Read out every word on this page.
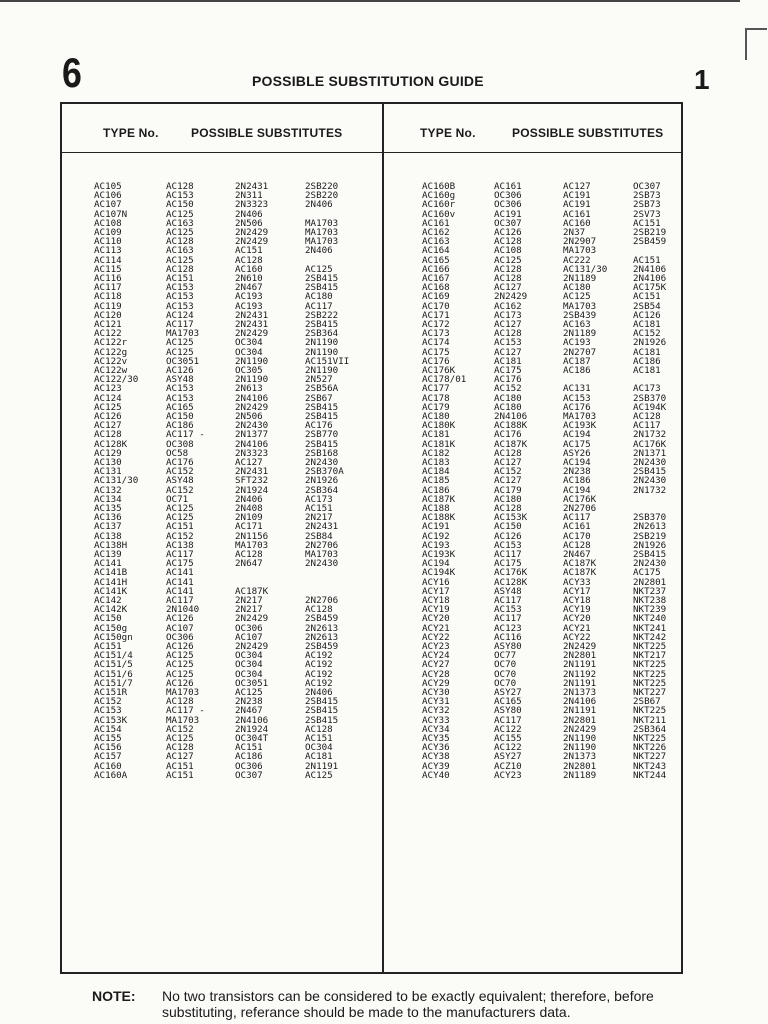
6	POSSIBLE SUBSTITUTION GUIDE	1
TYPE No.	POSSIBLE SUBSTITUTES	TYPE No.	POSSIBLE SUBSTITUTES
AC105	AC128	2N2431	2SB220
AC106	AC153	2N311	2SB220
AC107	AC150	2N3323	2N406
AC107N	AC125	2N406
AC108	AC163	2N506	MA1703
AC109	AC125	2N2429	MA1703
AC110	AC128	2N2429	MA1703
AC113	AC163	AC151	2N406
AC114	AC125	AC128
AC115	AC128	AC160	AC125
AC116	AC151	2N610	2SB415
AC117	AC153	2N467	2SB415
AC118	AC153	AC193	AC180
AC119	AC153	AC193	AC117
AC120	AC124	2N2431	2SB222
AC121	AC117	2N2431	2SB415
AC122	MA1703	2N2429	2SB364
AC122r	AC125	OC304	2N1190
AC122g	AC125	OC304	2N1190
AC122v	OC3051	2N1190	AC151VII
AC122w	AC126	OC305	2N1190
AC122/30	ASY48	2N1190	2N527
AC123	AC153	2N613	2SB56A
AC124	AC153	2N4106	2SB67
AC125	AC165	2N2429	2SB415
AC126	AC150	2N506	2SB415
AC127	AC186	2N2430	AC176
AC128	AC117 -	2N1377	2SB770
AC128K	OC308	2N4106	2SB415
AC129	OC58	2N3323	2SB168
AC130	AC176	AC127	2N2430
AC131	AC152	2N2431	2SB370A
AC131/30	ASY48	SFT232	2N1926
AC132	AC152	2N1924	2SB364
AC134	OC71	2N406	AC173
AC135	AC125	2N408	AC151
AC136	AC125	2N109	2N217
AC137	AC151	AC171	2N2431
AC138	AC152	2N1156	2SB84
AC138H	AC138	MA1703	2N2706
AC139	AC117	AC128	MA1703
AC141	AC175	2N647	2N2430
AC141B	AC141
AC141H	AC141
AC141K	AC141	AC187K
AC142	AC117	2N217	2N2706
AC142K	2N1040	2N217	AC128
AC150	AC126	2N2429	2SB459
AC150g	AC107	OC306	2N2613
AC150gn	OC306	AC107	2N2613
AC151	AC126	2N2429	2SB459
AC151/4	AC125	OC304	AC192
AC151/5	AC125	OC304	AC192
AC151/6	AC125	OC304	AC192
AC151/7	AC126	OC3051	AC192
AC151R	MA1703	AC125	2N406
AC152	AC128	2N238	2SB415
AC153	AC117 -	2N467	2SB415
AC153K	MA1703	2N4106	2SB415
AC154	AC152	2N1924	AC128
AC155	AC125	OC304T	AC151
AC156	AC128	AC151	OC304
AC157	AC127	AC186	AC181
AC160	AC151	OC306	2N1191
AC160A	AC151	OC307	AC125
AC160B	AC161	AC127	OC307
AC160g	OC306	AC191	2SB73
AC160r	OC306	AC191	2SB73
AC160v	AC191	AC161	2SV73
AC161	OC307	AC160	AC151
AC162	AC126	2N37	2SB219
AC163	AC128	2N2907	2SB459
AC164	AC108	MA1703
AC165	AC125	AC222	AC151
AC166	AC128	AC131/30	2N4106
AC167	AC128	2N1189	2N4106
AC168	AC127	AC180	AC175K
AC169	2N2429	AC125	AC151
AC170	AC162	MA1703	2SB54
AC171	AC173	2SB439	AC126
AC172	AC127	AC163	AC181
AC173	AC128	2N1189	AC152
AC174	AC153	AC193	2N1926
AC175	AC127	2N2707	AC181
AC176	AC181	AC187	AC186
AC176K	AC175	AC186	AC181
AC178/01	AC176
AC177	AC152	AC131	AC173
AC178	AC180	AC153	2SB370
AC179	AC180	AC176	AC194K
AC180	2N4106	MA1703	AC128
AC180K	AC188K	AC193K	AC117
AC181	AC176	AC194	2N1732
AC181K	AC187K	AC175	AC176K
AC182	AC128	ASY26	2N1371
AC183	AC127	AC194	2N2430
AC184	AC152	2N238	2SB415
AC185	AC127	AC186	2N2430
AC186	AC179	AC194	2N1732
AC187K	AC180	AC176K
AC188	AC128	2N2706
AC188K	AC153K	AC117	2SB370
AC191	AC150	AC161	2N2613
AC192	AC126	AC170	2SB219
AC193	AC153	AC128	2N1926
AC193K	AC117	2N467	2SB415
AC194	AC175	AC187K	2N2430
AC194K	AC176K	AC187K	AC175
ACY16	AC128K	ACY33	2N2801
ACY17	ASY48	ACY17	NKT237
ACY18	AC117	ACY18	NKT238
ACY19	AC153	ACY19	NKT239
ACY20	AC117	ACY20	NKT240
ACY21	AC123	ACY21	NKT241
ACY22	AC116	ACY22	NKT242
ACY23	ASY80	2N2429	NKT225
ACY24	OC77	2N2801	NKT217
ACY27	OC70	2N1191	NKT225
ACY28	OC70	2N1192	NKT225
ACY29	OC70	2N1191	NKT225
ACY30	ASY27	2N1373	NKT227
ACY31	AC165	2N4106	2SB67
ACY32	ASY80	2N1191	NKT225
ACY33	AC117	2N2801	NKT211
ACY34	AC122	2N2429	2SB364
ACY35	AC155	2N1190	NKT225
ACY36	AC122	2N1190	NKT226
ACY38	ASY27	2N1373	NKT227
ACY39	ACZ10	2N2801	NKT243
ACY40	ACY23	2N1189	NKT244
NOTE: No two transistors can be considered to be exactly equivalent; therefore, before substituting, referance should be made to the manufacturers data.
